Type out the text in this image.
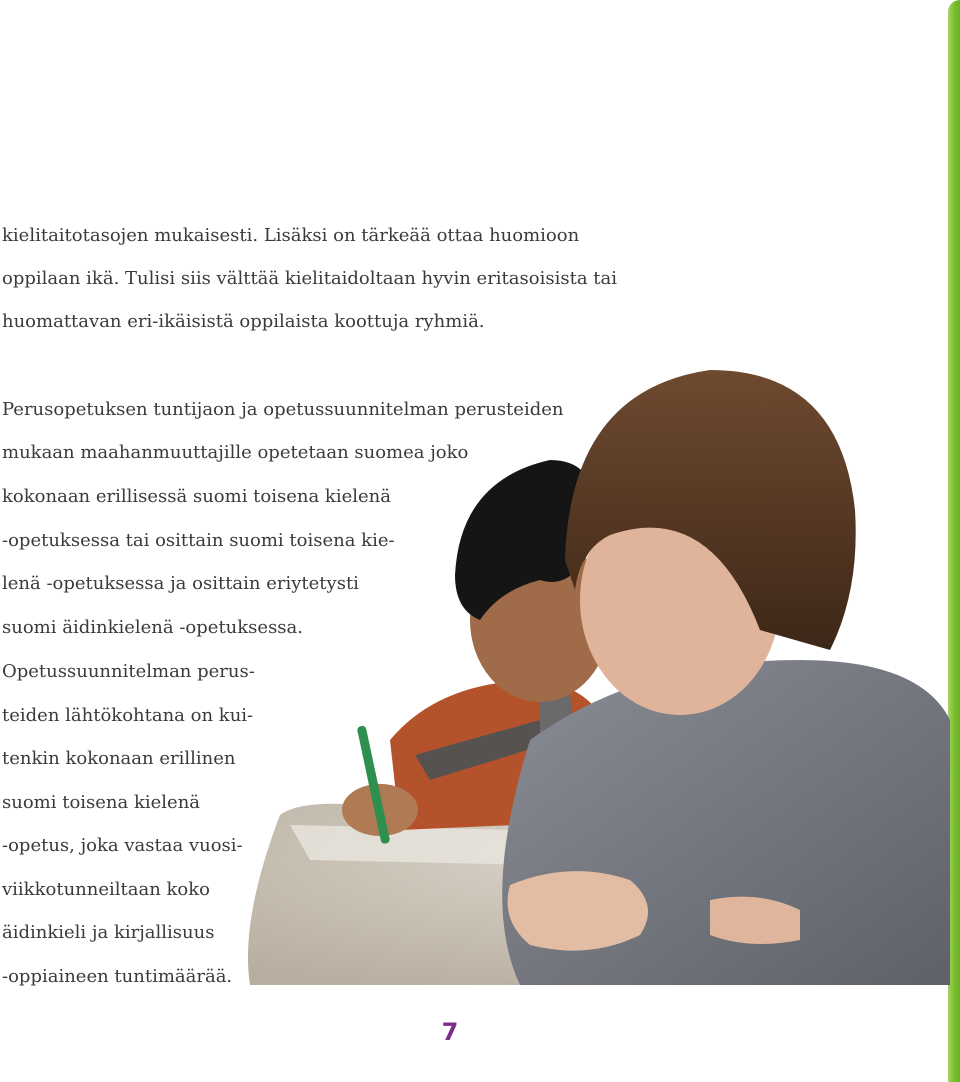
kielitaitotasojen mukaisesti. Lisäksi on tärkeää ottaa huomioon
oppilaan ikä. Tulisi siis välttää kielitaidoltaan hyvin eritasoisista tai
huomattavan eri-ikäisistä oppilaista koottuja ryhmiä.
Perusopetuksen tuntijaon ja opetussuunnitelman perusteiden
mukaan maahanmuuttajille opetetaan suomea joko
kokonaan erillisessä suomi toisena kielenä
-opetuksessa tai osittain suomi toisena kie-
lenä -opetuksessa ja osittain eriytetysti
suomi äidinkielenä -opetuksessa.
Opetussuunnitelman perus-
teiden lähtökohtana on kui-
tenkin kokonaan erillinen
suomi toisena kielenä
-opetus, joka vastaa vuosi-
viikkotunneiltaan koko
äidinkieli ja kirjallisuus
-oppiaineen tuntimäärää.
7
